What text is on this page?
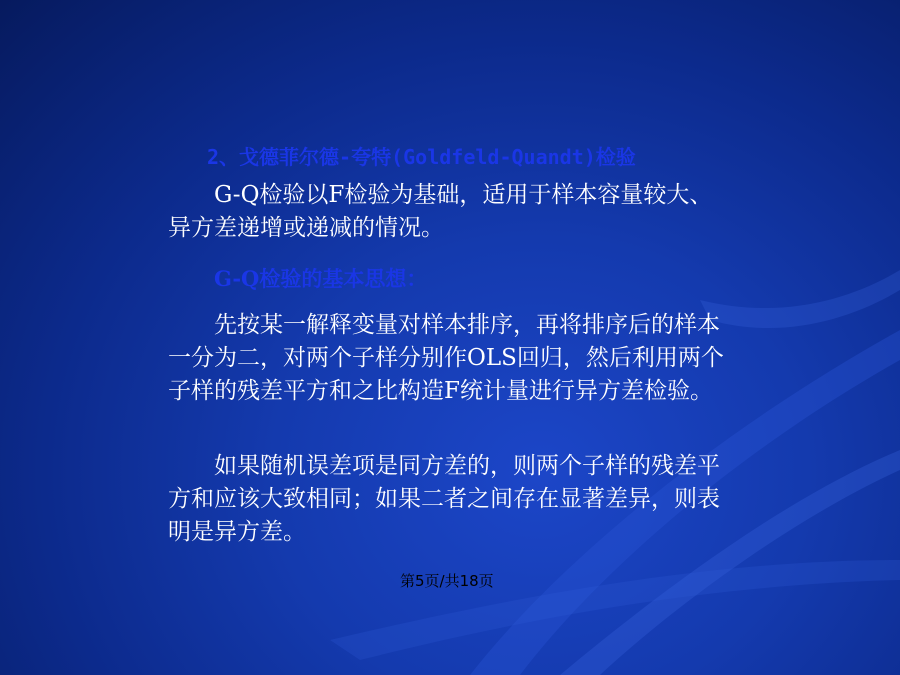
2、戈德菲尔德-夸特(Goldfeld-Quandt)检验

G-Q检验以F检验为基础，适用于样本容量较大、异方差递增或递减的情况。

G-Q检验的基本思想：

先按某一解释变量对样本排序，再将排序后的样本一分为二，对两个子样分别作OLS回归，然后利用两个子样的残差平方和之比构造F统计量进行异方差检验。

如果随机误差项是同方差的，则两个子样的残差平方和应该大致相同；如果二者之间存在显著差异，则表明是异方差。

第5页/共18页
